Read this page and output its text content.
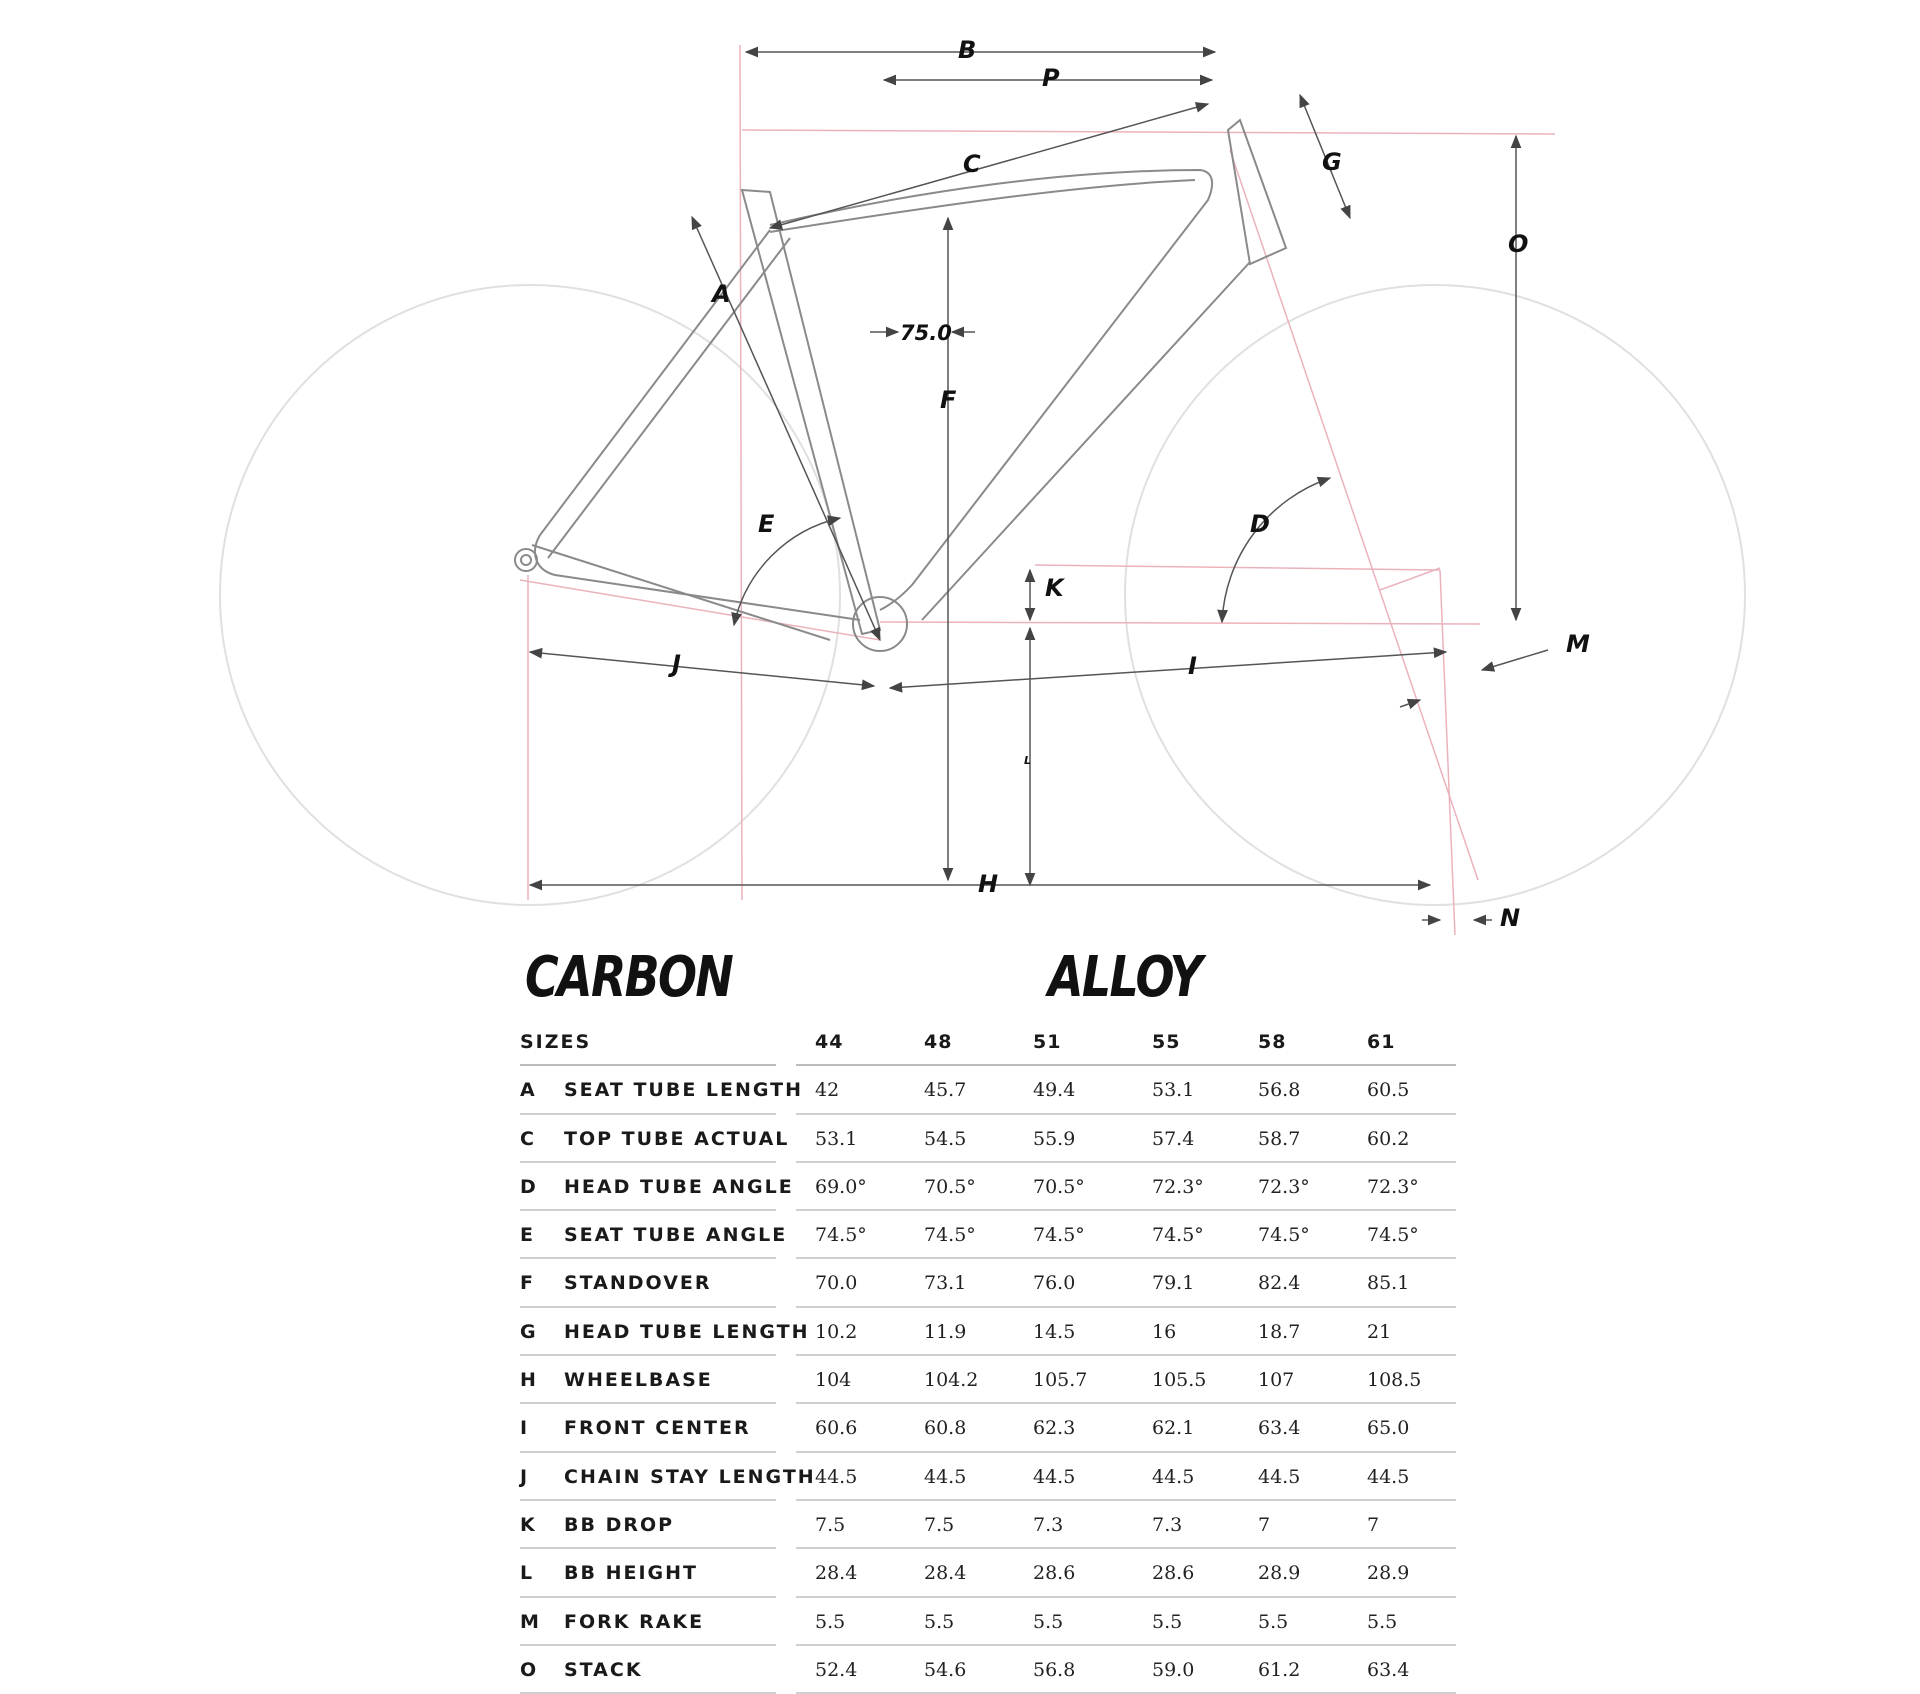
B
P
C	G
O
A
75.0
F
E	D
K
M
J	I
L
H
N
CARBON	ALLOY
SIZES	44	48	51	55	58	61
A SEAT TUBE LENGTH 42	45.7	49.4	53.1	56.8	60.5
C TOP TUBE ACTUAL 53.1	54.5	55.9	57.4	58.7	60.2
D HEAD TUBE ANGLE 69.0°	70.5°	70.5°	72.3°	72.3°	72.3°
E SEAT TUBE ANGLE 74.5°	74.5°	74.5°	74.5°	74.5°	74.5°
F STANDOVER	70.0	73.1	76.0	79.1	82.4	85.1
G HEAD TUBE LENGTH 10.2	11.9	14.5	16	18.7	21
H WHEELBASE	104	104.2	105.7	105.5	107	108.5
I FRONT CENTER	60.6	60.8	62.3	62.1	63.4	65.0
J CHAIN STAY LENGTH 44.5	44.5	44.5	44.5	44.5	44.5
K BB DROP	7.5	7.5	7.3	7.3	7	7
L BB HEIGHT	28.4	28.4	28.6	28.6	28.9	28.9
M FORK RAKE	5.5	5.5	5.5	5.5	5.5	5.5
O STACK	52.4	54.6	56.8	59.0	61.2	63.4
